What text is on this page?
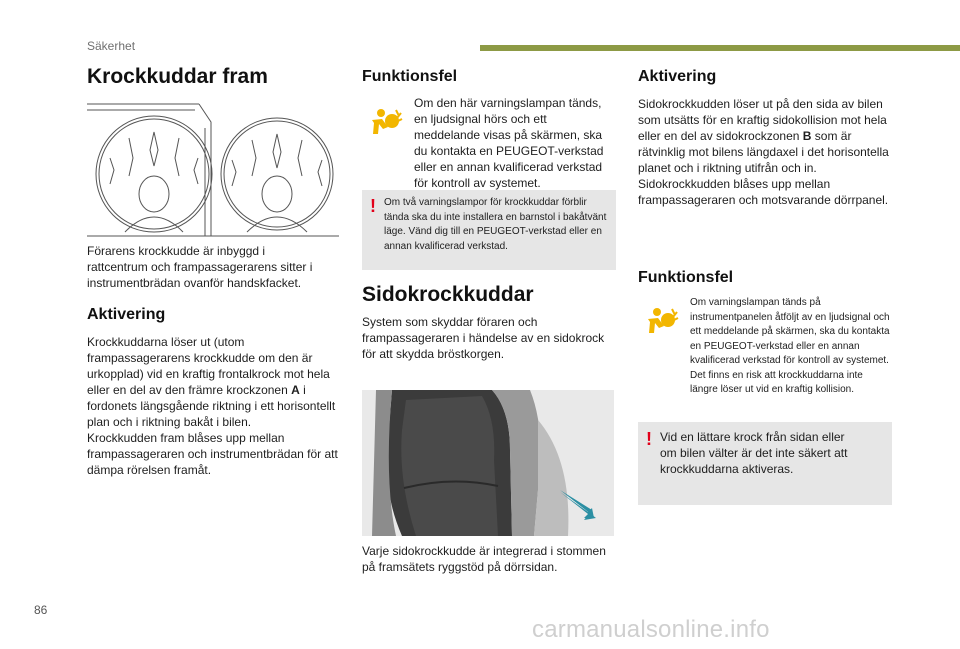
Säkerhet
Krockkuddar fram
Förarens krockkudde är inbyggd i rattcentrum och frampassagerarens sitter i instrumentbrädan ovanför handskfacket.
Aktivering
Krockkuddarna löser ut (utom frampassagerarens krockkudde om den är urkopplad) vid en kraftig frontalkrock mot hela eller en del av den främre krockzonen A i fordonets längsgående riktning i ett horisontellt plan och i riktning bakåt i bilen.
Krockkudden fram blåses upp mellan frampassageraren och instrumentbrädan för att dämpa rörelsen framåt.
Funktionsfel
Om den här varningslampan tänds, en ljudsignal hörs och ett meddelande visas på skärmen, ska du kontakta en PEUGEOT-verkstad eller en annan kvalificerad verkstad för kontroll av systemet.
! Om två varningslampor för krockkuddar förblir tända ska du inte installera en barnstol i bakåtvänt läge. Vänd dig till en PEUGEOT-verkstad eller en annan kvalificerad verkstad.
Sidokrockkuddar
System som skyddar föraren och frampassageraren i händelse av en sidokrock för att skydda bröstkorgen.
Varje sidokrockkudde är integrerad i stommen på framsätets ryggstöd på dörrsidan.
Aktivering
Sidokrockkudden löser ut på den sida av bilen som utsätts för en kraftig sidokollision mot hela eller en del av sidokrockzonen B som är rätvinklig mot bilens längdaxel i det horisontella planet och i riktning utifrån och in.
Sidokrockkudden blåses upp mellan frampassageraren och motsvarande dörrpanel.
Funktionsfel
Om varningslampan tänds på instrumentpanelen åtföljt av en ljudsignal och ett meddelande på skärmen, ska du kontakta en PEUGEOT-verkstad eller en annan kvalificerad verkstad för kontroll av systemet. Det finns en risk att krockkuddarna inte längre löser ut vid en kraftig kollision.
! Vid en lättare krock från sidan eller om bilen välter är det inte säkert att krockkuddarna aktiveras.
86
carmanualsonline.info
